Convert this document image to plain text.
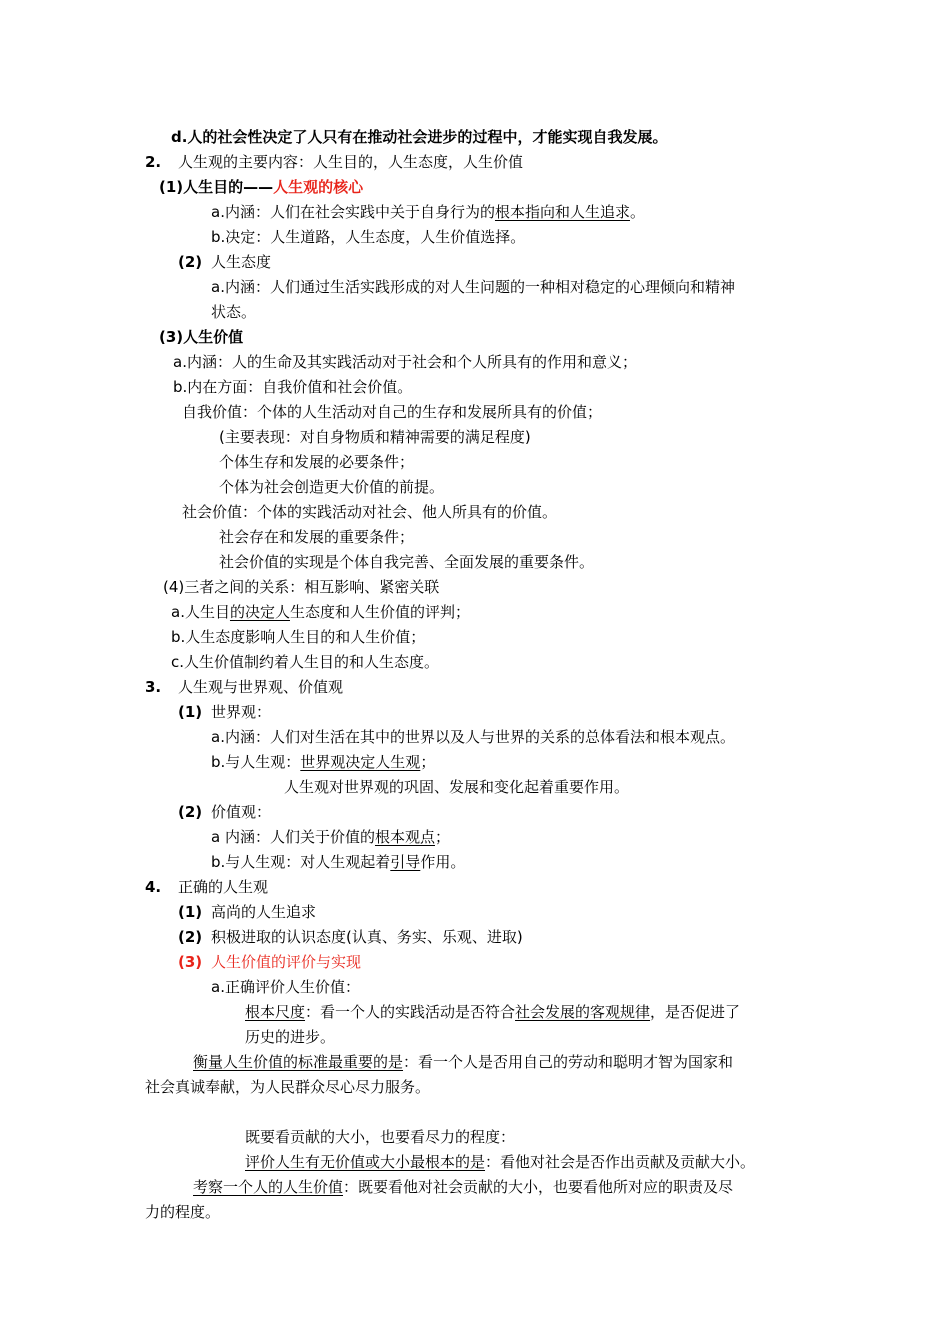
d.人的社会性决定了人只有在推动社会进步的过程中，才能实现自我发展。
2. 人生观的主要内容：人生目的，人生态度，人生价值
(1)人生目的——人生观的核心
a.内涵：人们在社会实践中关于自身行为的根本指向和人生追求。
b.决定：人生道路，人生态度，人生价值选择。
(2) 人生态度
a.内涵：人们通过生活实践形成的对人生问题的一种相对稳定的心理倾向和精神
状态。
(3)人生价值
a.内涵：人的生命及其实践活动对于社会和个人所具有的作用和意义；
b.内在方面：自我价值和社会价值。
自我价值：个体的人生活动对自己的生存和发展所具有的价值；
(主要表现：对自身物质和精神需要的满足程度)
个体生存和发展的必要条件；
个体为社会创造更大价值的前提。
社会价值：个体的实践活动对社会、他人所具有的价值。
社会存在和发展的重要条件；
社会价值的实现是个体自我完善、全面发展的重要条件。
(4)三者之间的关系：相互影响、紧密关联
a.人生目的决定人生态度和人生价值的评判；
b.人生态度影响人生目的和人生价值；
c.人生价值制约着人生目的和人生态度。
3. 人生观与世界观、价值观
(1) 世界观：
a.内涵：人们对生活在其中的世界以及人与世界的关系的总体看法和根本观点。
b.与人生观：世界观决定人生观；
人生观对世界观的巩固、发展和变化起着重要作用。
(2) 价值观：
a 内涵：人们关于价值的根本观点；
b.与人生观：对人生观起着引导作用。
4. 正确的人生观
(1) 高尚的人生追求
(2) 积极进取的认识态度(认真、务实、乐观、进取)
(3) 人生价值的评价与实现
a.正确评价人生价值：
根本尺度：看一个人的实践活动是否符合社会发展的客观规律，是否促进了
历史的进步。
衡量人生价值的标准最重要的是：看一个人是否用自己的劳动和聪明才智为国家和
社会真诚奉献，为人民群众尽心尽力服务。
既要看贡献的大小，也要看尽力的程度：
评价人生有无价值或大小最根本的是：看他对社会是否作出贡献及贡献大小。
考察一个人的人生价值：既要看他对社会贡献的大小，也要看他所对应的职责及尽
力的程度。
